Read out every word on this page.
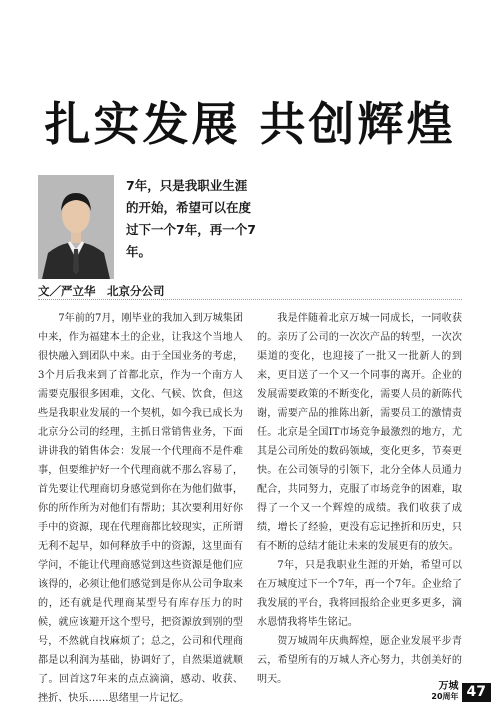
扎实发展 共创辉煌
7年，只是我职业生涯的开始，希望可以在度过下一个7年，再一个7年。
文／严立华　北京分公司

7年前的7月，刚毕业的我加入到万城集团中来，作为福建本土的企业，让我这个当地人很快融入到团队中来。由于全国业务的考虑，3个月后我来到了首都北京，作为一个南方人需要克服很多困难，文化、气候、饮食，但这些是我职业发展的一个契机，如今我已成长为北京分公司的经理，主抓日常销售业务，下面讲讲我的销售体会：发展一个代理商不是件难事，但要维护好一个代理商就不那么容易了，首先要让代理商切身感觉到你在为他们做事，你的所作所为对他们有帮助；其次要利用好你手中的资源，现在代理商都比较现实，正所谓无利不起早，如何释放手中的资源，这里面有学问，不能让代理商感觉到这些资源是他们应该得的，必须让他们感觉到是你从公司争取来的，还有就是代理商某型号有库存压力的时候，就应该避开这个型号，把资源放到别的型号，不然就自找麻烦了；总之，公司和代理商都是以利润为基础，协调好了，自然渠道就顺了。回首这7年来的点点滴滴，感动、收获、挫折、快乐……思绪里一片记忆。

我是伴随着北京万城一同成长，一同收获的。亲历了公司的一次次产品的转型，一次次渠道的变化，也迎接了一批又一批新人的到来，更目送了一个又一个同事的离开。企业的发展需要政策的不断变化，需要人员的新陈代谢，需要产品的推陈出新，需要员工的激情责任。北京是全国IT市场竞争最激烈的地方，尤其是公司所处的数码领域，变化更多，节奏更快。在公司领导的引领下，北分全体人员通力配合，共同努力，克服了市场竞争的困难，取得了一个又一个辉煌的成绩。我们收获了成绩，增长了经验，更没有忘记挫折和历史，只有不断的总结才能让未来的发展更有的放矢。

7年，只是我职业生涯的开始，希望可以在万城度过下一个7年，再一个7年。企业给了我发展的平台，我将回报给企业更多更多，滴水恩情我将毕生铭记。

贺万城周年庆典辉煌，愿企业发展平步青云，希望所有的万城人齐心努力，共创美好的明天。

万城
20周年 47
